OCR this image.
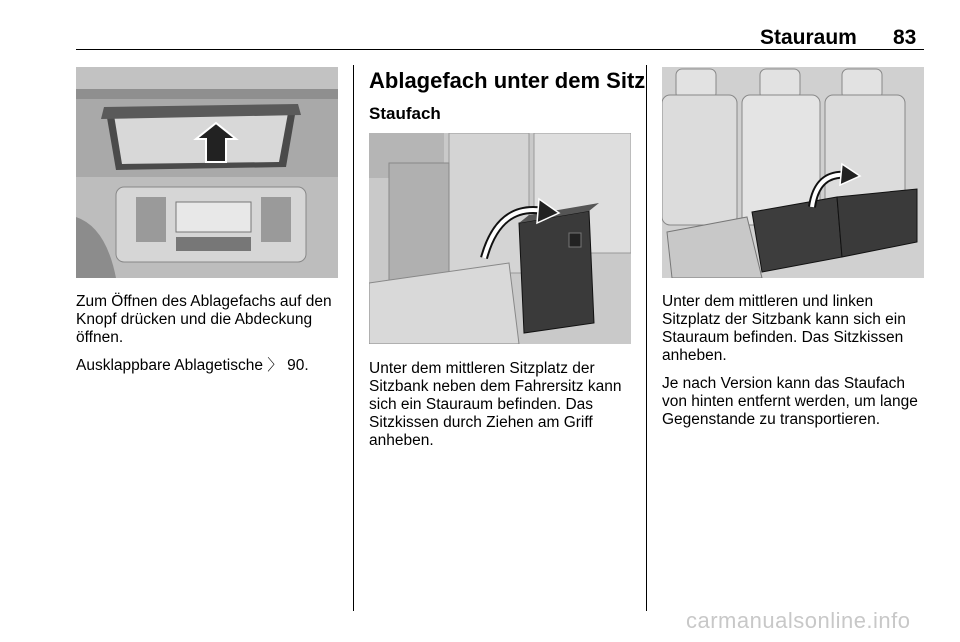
Stauraum 83

Zum Öffnen des Ablagefachs auf den Knopf drücken und die Abdeckung öffnen.

Ausklappbare Ablagetische 〉 90.

Ablagefach unter dem Sitz
Staufach

Unter dem mittleren Sitzplatz der Sitzbank neben dem Fahrersitz kann sich ein Stauraum befinden. Das Sitzkissen durch Ziehen am Griff anheben.

Unter dem mittleren und linken Sitzplatz der Sitzbank kann sich ein Stauraum befinden. Das Sitzkissen anheben.

Je nach Version kann das Staufach von hinten entfernt werden, um lange Gegenstande zu transportieren.

carmanualsonline.info
